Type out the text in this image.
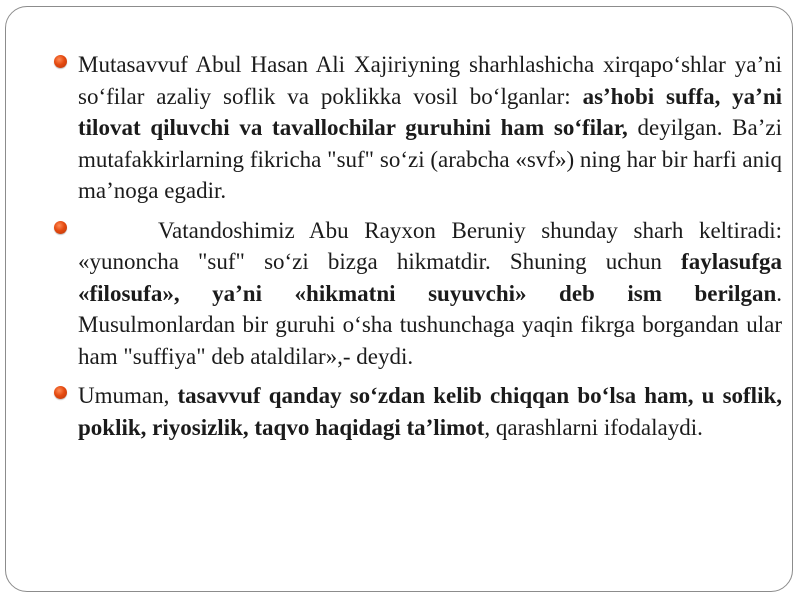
Mutasavvuf Abul Hasan Ali Xajiriyning sharhlashicha xirqapo‘shlar ya’ni so‘filar azaliy soflik va poklikka vosil bo‘lganlar: as’hobi suffa, ya’ni tilovat qiluvchi va tavallochilar guruhini ham so‘filar, deyilgan. Ba’zi mutafakkirlarning fikricha "suf" so‘zi (arabcha «svf») ning har bir harfi aniq ma’noga egadir.

Vatandoshimiz Abu Rayxon Beruniy shunday sharh keltiradi: «yunoncha "suf" so‘zi bizga hikmatdir. Shuning uchun faylasufga «filosufa», ya’ni «hikmatni suyuvchi» deb ism berilgan. Musulmonlardan bir guruhi o‘sha tushunchaga yaqin fikrga borgandan ular ham "suffiya" deb ataldilar»,- deydi.

Umuman, tasavvuf qanday so‘zdan kelib chiqqan bo‘lsa ham, u soflik, poklik, riyosizlik, taqvo haqidagi ta’limot, qarashlarni ifodalaydi.
